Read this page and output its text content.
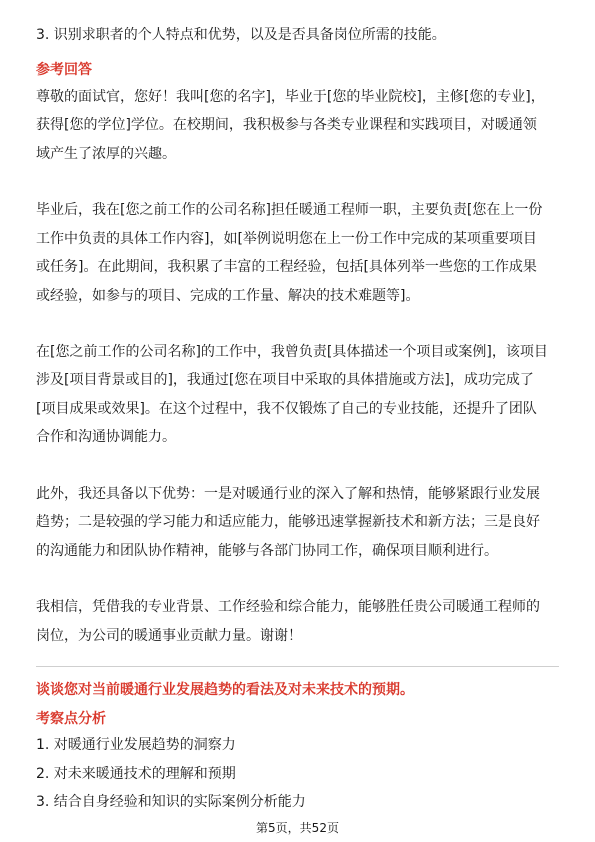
3. 识别求职者的个人特点和优势，以及是否具备岗位所需的技能。
参考回答
尊敬的面试官，您好！我叫[您的名字]，毕业于[您的毕业院校]，主修[您的专业]，
获得[您的学位]学位。在校期间，我积极参与各类专业课程和实践项目，对暖通领
域产生了浓厚的兴趣。
毕业后，我在[您之前工作的公司名称]担任暖通工程师一职，主要负责[您在上一份
工作中负责的具体工作内容]，如[举例说明您在上一份工作中完成的某项重要项目
或任务]。在此期间，我积累了丰富的工程经验，包括[具体列举一些您的工作成果
或经验，如参与的项目、完成的工作量、解决的技术难题等]。
在[您之前工作的公司名称]的工作中，我曾负责[具体描述一个项目或案例]，该项目
涉及[项目背景或目的]，我通过[您在项目中采取的具体措施或方法]，成功完成了
[项目成果或效果]。在这个过程中，我不仅锻炼了自己的专业技能，还提升了团队
合作和沟通协调能力。
此外，我还具备以下优势：一是对暖通行业的深入了解和热情，能够紧跟行业发展
趋势；二是较强的学习能力和适应能力，能够迅速掌握新技术和新方法；三是良好
的沟通能力和团队协作精神，能够与各部门协同工作，确保项目顺利进行。
我相信，凭借我的专业背景、工作经验和综合能力，能够胜任贵公司暖通工程师的
岗位，为公司的暖通事业贡献力量。谢谢！
谈谈您对当前暖通行业发展趋势的看法及对未来技术的预期。
考察点分析
1. 对暖通行业发展趋势的洞察力
2. 对未来暖通技术的理解和预期
3. 结合自身经验和知识的实际案例分析能力
第5页，共52页
